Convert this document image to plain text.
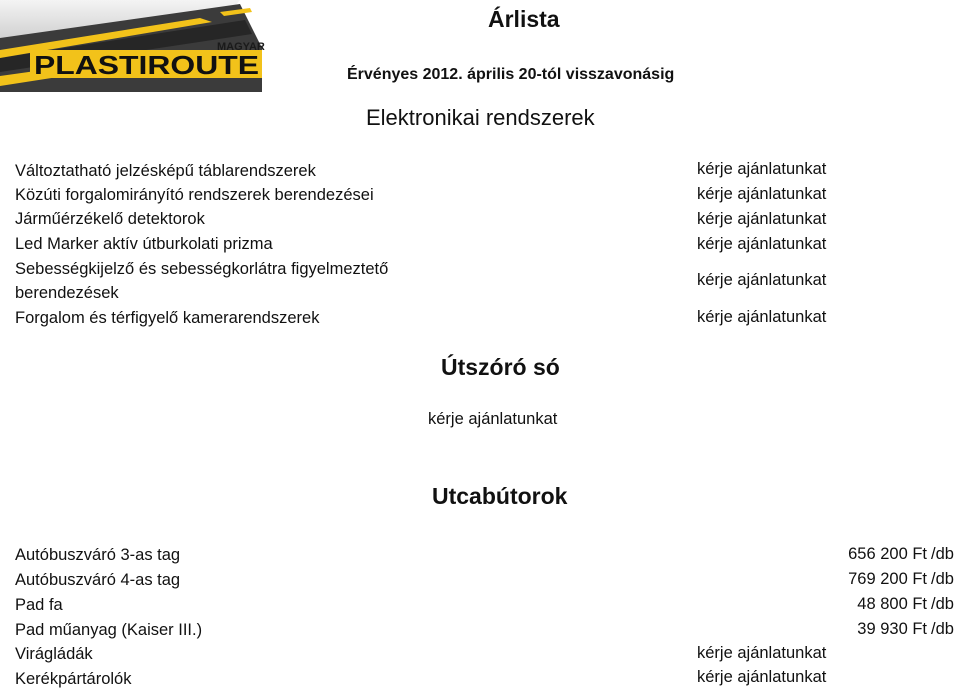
MAGYAR
PLASTIROUTE
Árlista
Érvényes 2012. április 20-tól visszavonásig
Elektronikai rendszerek
Változtatható jelzésképű táblarendszerek
Közúti forgalomirányító rendszerek berendezései
Járműérzékelő detektorok
Led Marker aktív útburkolati prizma
Sebességkijelző és sebességkorlátra figyelmeztető
berendezések
Forgalom és térfigyelő kamerarendszerek
kérje ajánlatunkat
kérje ajánlatunkat
kérje ajánlatunkat
kérje ajánlatunkat
kérje ajánlatunkat
kérje ajánlatunkat
Útszóró só
kérje ajánlatunkat
Utcabútorok
Autóbuszváró 3-as tag
Autóbuszváró 4-as tag
Pad fa
Pad műanyag (Kaiser III.)
Virágládák
Kerékpártárolók
656 200 Ft /db
769 200 Ft /db
48 800 Ft /db
39 930 Ft /db
kérje ajánlatunkat
kérje ajánlatunkat
